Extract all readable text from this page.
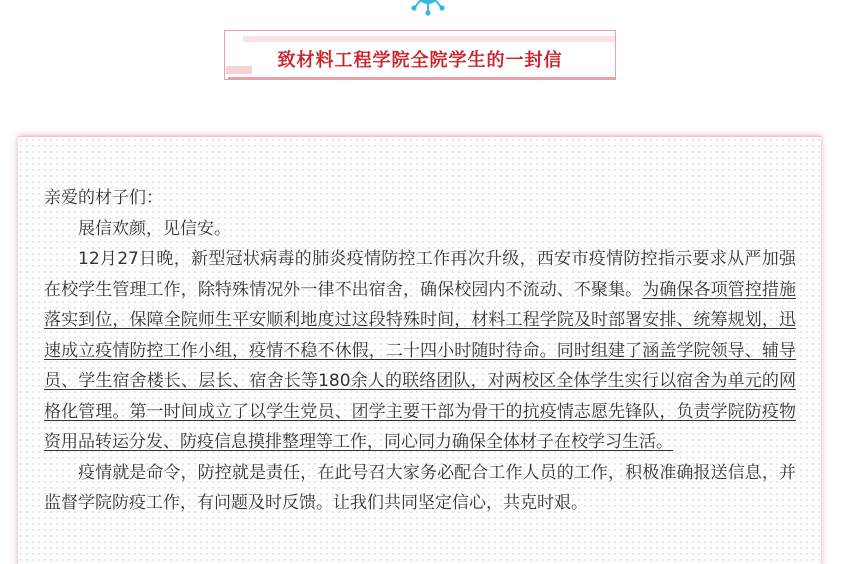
致材料工程学院全院学生的一封信

亲爱的材子们：

展信欢颜，见信安。

12月27日晚，新型冠状病毒的肺炎疫情防控工作再次升级，西安市疫情防控指示要求从严加强在校学生管理工作，除特殊情况外一律不出宿舍，确保校园内不流动、不聚集。为确保各项管控措施落实到位，保障全院师生平安顺利地度过这段特殊时间，材料工程学院及时部署安排、统筹规划，迅速成立疫情防控工作小组，疫情不稳不休假，二十四小时随时待命。同时组建了涵盖学院领导、辅导员、学生宿舍楼长、层长、宿舍长等180余人的联络团队，对两校区全体学生实行以宿舍为单元的网格化管理。第一时间成立了以学生党员、团学主要干部为骨干的抗疫情志愿先锋队，负责学院防疫物资用品转运分发、防疫信息摸排整理等工作，同心同力确保全体材子在校学习生活。

疫情就是命令，防控就是责任，在此号召大家务必配合工作人员的工作，积极准确报送信息，并监督学院防疫工作，有问题及时反馈。让我们共同坚定信心，共克时艰。
